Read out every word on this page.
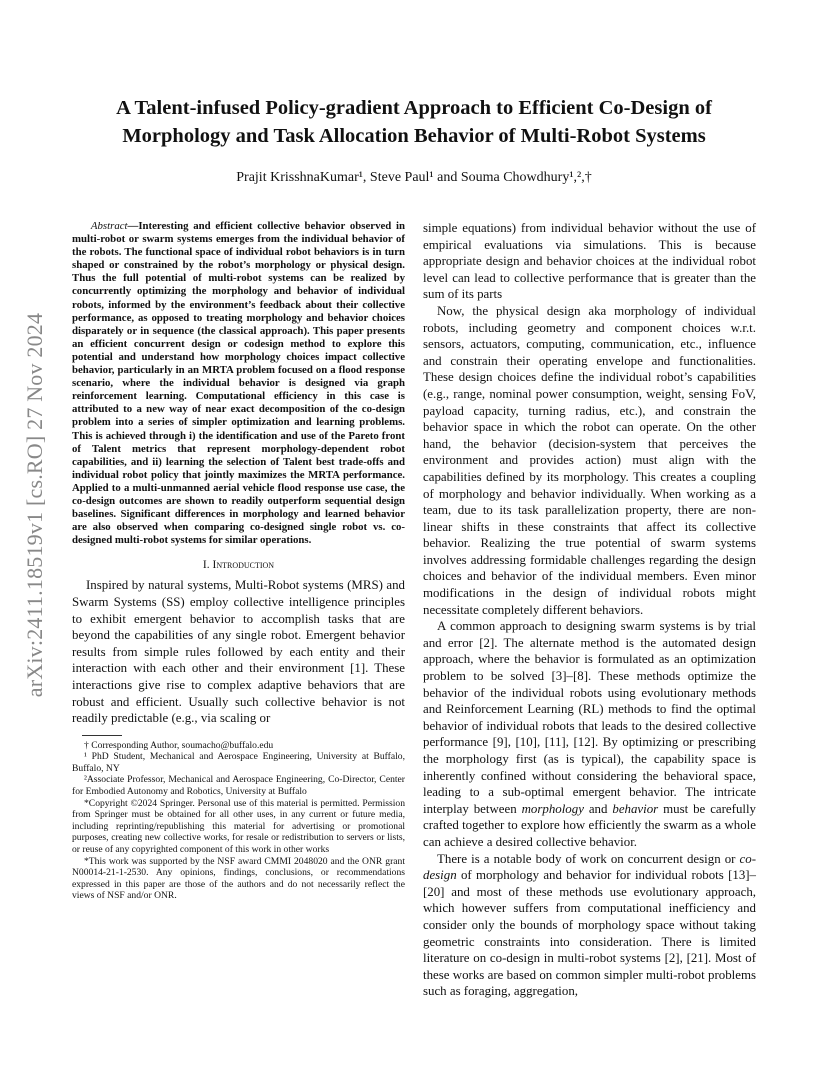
A Talent-infused Policy-gradient Approach to Efficient Co-Design of
Morphology and Task Allocation Behavior of Multi-Robot Systems
Prajit KrisshnaKumar¹, Steve Paul¹ and Souma Chowdhury¹,²,†
arXiv:2411.18519v1 [cs.RO] 27 Nov 2024

Abstract—Interesting and efficient collective behavior observed in multi-robot or swarm systems emerges from the individual behavior of the robots. The functional space of individual robot behaviors is in turn shaped or constrained by the robot’s morphology or physical design. Thus the full potential of multi-robot systems can be realized by concurrently optimizing the morphology and behavior of individual robots, informed by the environment’s feedback about their collective performance, as opposed to treating morphology and behavior choices disparately or in sequence (the classical approach). This paper presents an efficient concurrent design or codesign method to explore this potential and understand how morphology choices impact collective behavior, particularly in an MRTA problem focused on a flood response scenario, where the individual behavior is designed via graph reinforcement learning. Computational efficiency in this case is attributed to a new way of near exact decomposition of the co-design problem into a series of simpler optimization and learning problems. This is achieved through i) the identification and use of the Pareto front of Talent metrics that represent morphology-dependent robot capabilities, and ii) learning the selection of Talent best trade-offs and individual robot policy that jointly maximizes the MRTA performance. Applied to a multi-unmanned aerial vehicle flood response use case, the co-design outcomes are shown to readily outperform sequential design baselines. Significant differences in morphology and learned behavior are also observed when comparing co-designed single robot vs. co-designed multi-robot systems for similar operations.

I. Introduction

Inspired by natural systems, Multi-Robot systems (MRS) and Swarm Systems (SS) employ collective intelligence principles to exhibit emergent behavior to accomplish tasks that are beyond the capabilities of any single robot. Emergent behavior results from simple rules followed by each entity and their interaction with each other and their environment [1]. These interactions give rise to complex adaptive behaviors that are robust and efficient. Usually such collective behavior is not readily predictable (e.g., via scaling or

† Corresponding Author, soumacho@buffalo.edu

¹ PhD Student, Mechanical and Aerospace Engineering, University at Buffalo, Buffalo, NY

²Associate Professor, Mechanical and Aerospace Engineering, Co-Director, Center for Embodied Autonomy and Robotics, University at Buffalo

*Copyright ©2024 Springer. Personal use of this material is permitted. Permission from Springer must be obtained for all other uses, in any current or future media, including reprinting/republishing this material for advertising or promotional purposes, creating new collective works, for resale or redistribution to servers or lists, or reuse of any copyrighted component of this work in other works

*This work was supported by the NSF award CMMI 2048020 and the ONR grant N00014-21-1-2530. Any opinions, findings, conclusions, or recommendations expressed in this paper are those of the authors and do not necessarily reflect the views of NSF and/or ONR.

simple equations) from individual behavior without the use of empirical evaluations via simulations. This is because appropriate design and behavior choices at the individual robot level can lead to collective performance that is greater than the sum of its parts

Now, the physical design aka morphology of individual robots, including geometry and component choices w.r.t. sensors, actuators, computing, communication, etc., influence and constrain their operating envelope and functionalities. These design choices define the individual robot’s capabilities (e.g., range, nominal power consumption, weight, sensing FoV, payload capacity, turning radius, etc.), and constrain the behavior space in which the robot can operate. On the other hand, the behavior (decision-system that perceives the environment and provides action) must align with the capabilities defined by its morphology. This creates a coupling of morphology and behavior individually. When working as a team, due to its task parallelization property, there are non-linear shifts in these constraints that affect its collective behavior. Realizing the true potential of swarm systems involves addressing formidable challenges regarding the design choices and behavior of the individual members. Even minor modifications in the design of individual robots might necessitate completely different behaviors.

A common approach to designing swarm systems is by trial and error [2]. The alternate method is the automated design approach, where the behavior is formulated as an optimization problem to be solved [3]–[8]. These methods optimize the behavior of the individual robots using evolutionary methods and Reinforcement Learning (RL) methods to find the optimal behavior of individual robots that leads to the desired collective performance [9], [10], [11], [12]. By optimizing or prescribing the morphology first (as is typical), the capability space is inherently confined without considering the behavioral space, leading to a sub-optimal emergent behavior. The intricate interplay between morphology and behavior must be carefully crafted together to explore how efficiently the swarm as a whole can achieve a desired collective behavior.

There is a notable body of work on concurrent design or co-design of morphology and behavior for individual robots [13]–[20] and most of these methods use evolutionary approach, which however suffers from computational inefficiency and consider only the bounds of morphology space without taking geometric constraints into consideration. There is limited literature on co-design in multi-robot systems [2], [21]. Most of these works are based on common simpler multi-robot problems such as foraging, aggregation,
